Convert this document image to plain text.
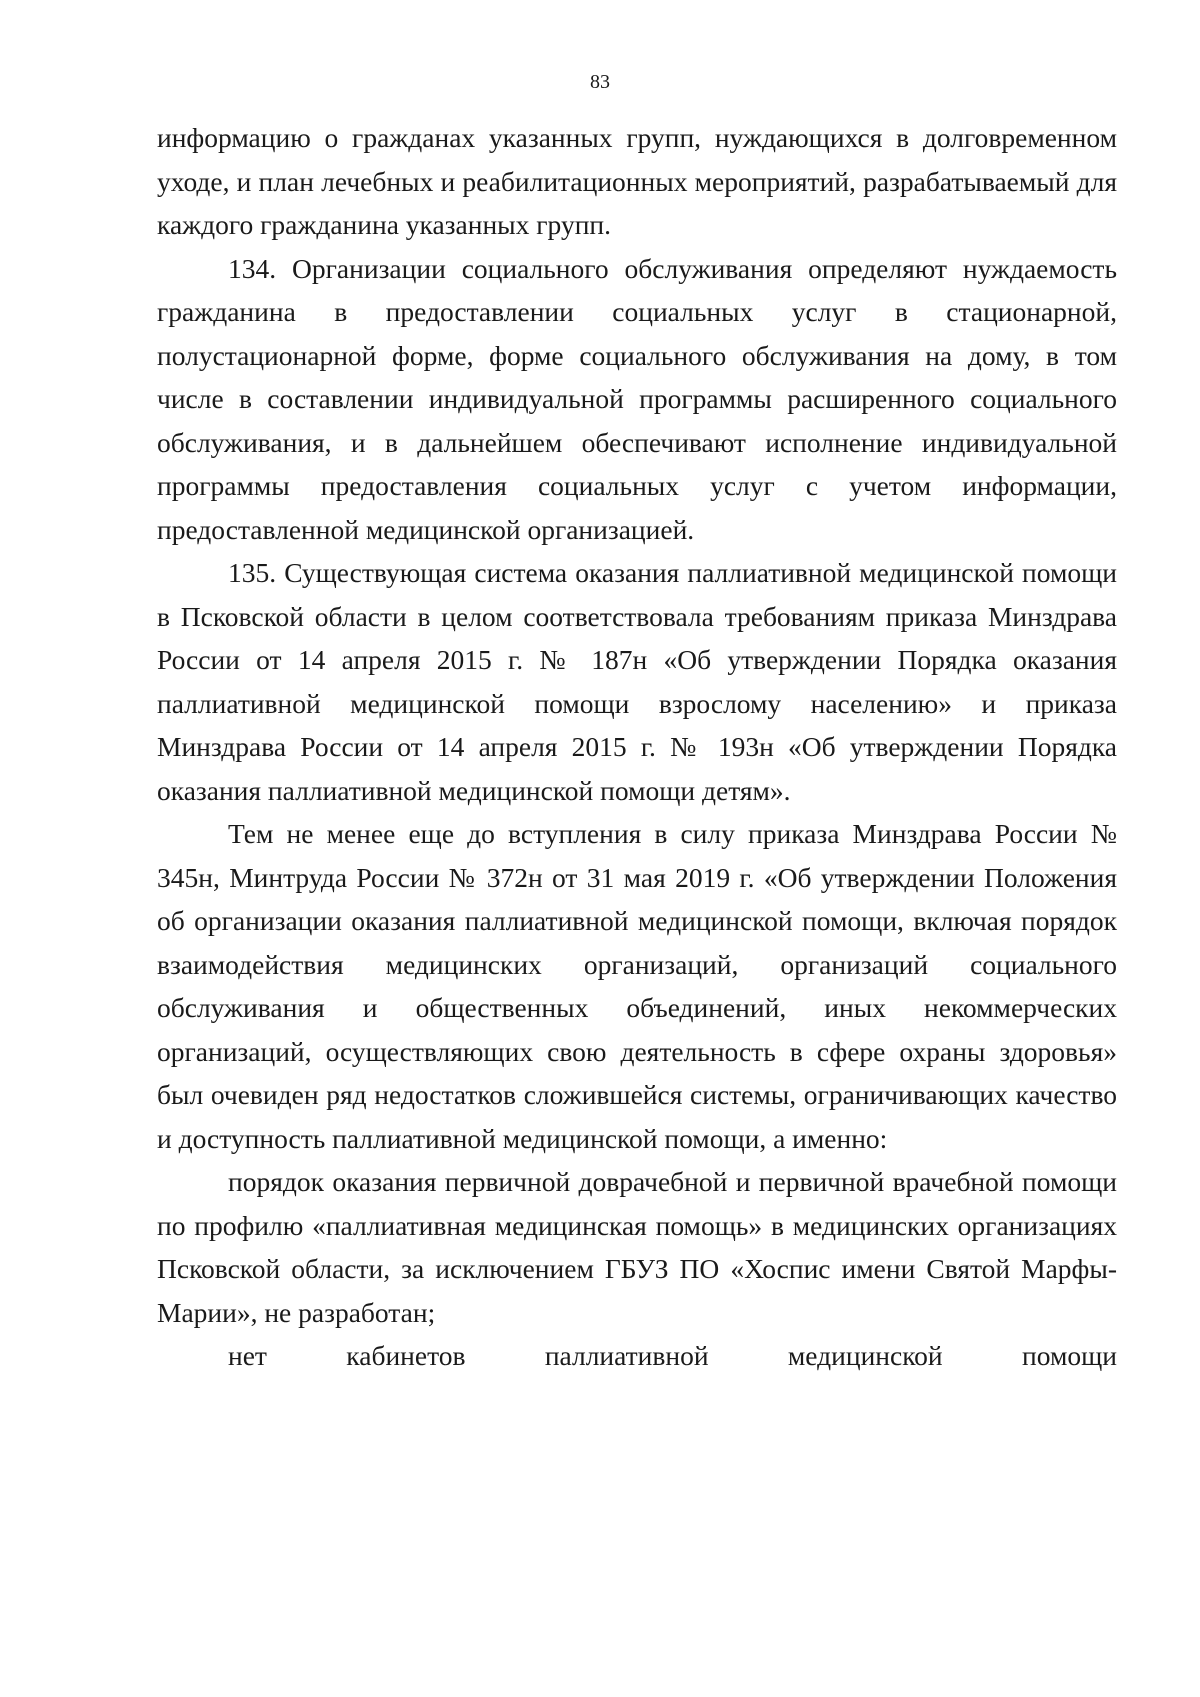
83

информацию о гражданах указанных групп, нуждающихся в долговременном уходе, и план лечебных и реабилитационных мероприятий, разрабатываемый для каждого гражданина указанных групп.

134. Организации социального обслуживания определяют нуждаемость гражданина в предоставлении социальных услуг в стационарной, полустационарной форме, форме социального обслуживания на дому, в том числе в составлении индивидуальной программы расширенного социального обслуживания, и в дальнейшем обеспечивают исполнение индивидуальной программы предоставления социальных услуг с учетом информации, предоставленной медицинской организацией.

135. Существующая система оказания паллиативной медицинской помощи в Псковской области в целом соответствовала требованиям приказа Минздрава России от 14 апреля 2015 г. № 187н «Об утверждении Порядка оказания паллиативной медицинской помощи взрослому населению» и приказа Минздрава России от 14 апреля 2015 г. № 193н «Об утверждении Порядка оказания паллиативной медицинской помощи детям».

Тем не менее еще до вступления в силу приказа Минздрава России № 345н, Минтруда России № 372н от 31 мая 2019 г. «Об утверждении Положения об организации оказания паллиативной медицинской помощи, включая порядок взаимодействия медицинских организаций, организаций социального обслуживания и общественных объединений, иных некоммерческих организаций, осуществляющих свою деятельность в сфере охраны здоровья» был очевиден ряд недостатков сложившейся системы, ограничивающих качество и доступность паллиативной медицинской помощи, а именно:

порядок оказания первичной доврачебной и первичной врачебной помощи по профилю «паллиативная медицинская помощь» в медицинских организациях Псковской области, за исключением ГБУЗ ПО «Хоспис имени Святой Марфы-Марии», не разработан;

нет кабинетов паллиативной медицинской помощи
